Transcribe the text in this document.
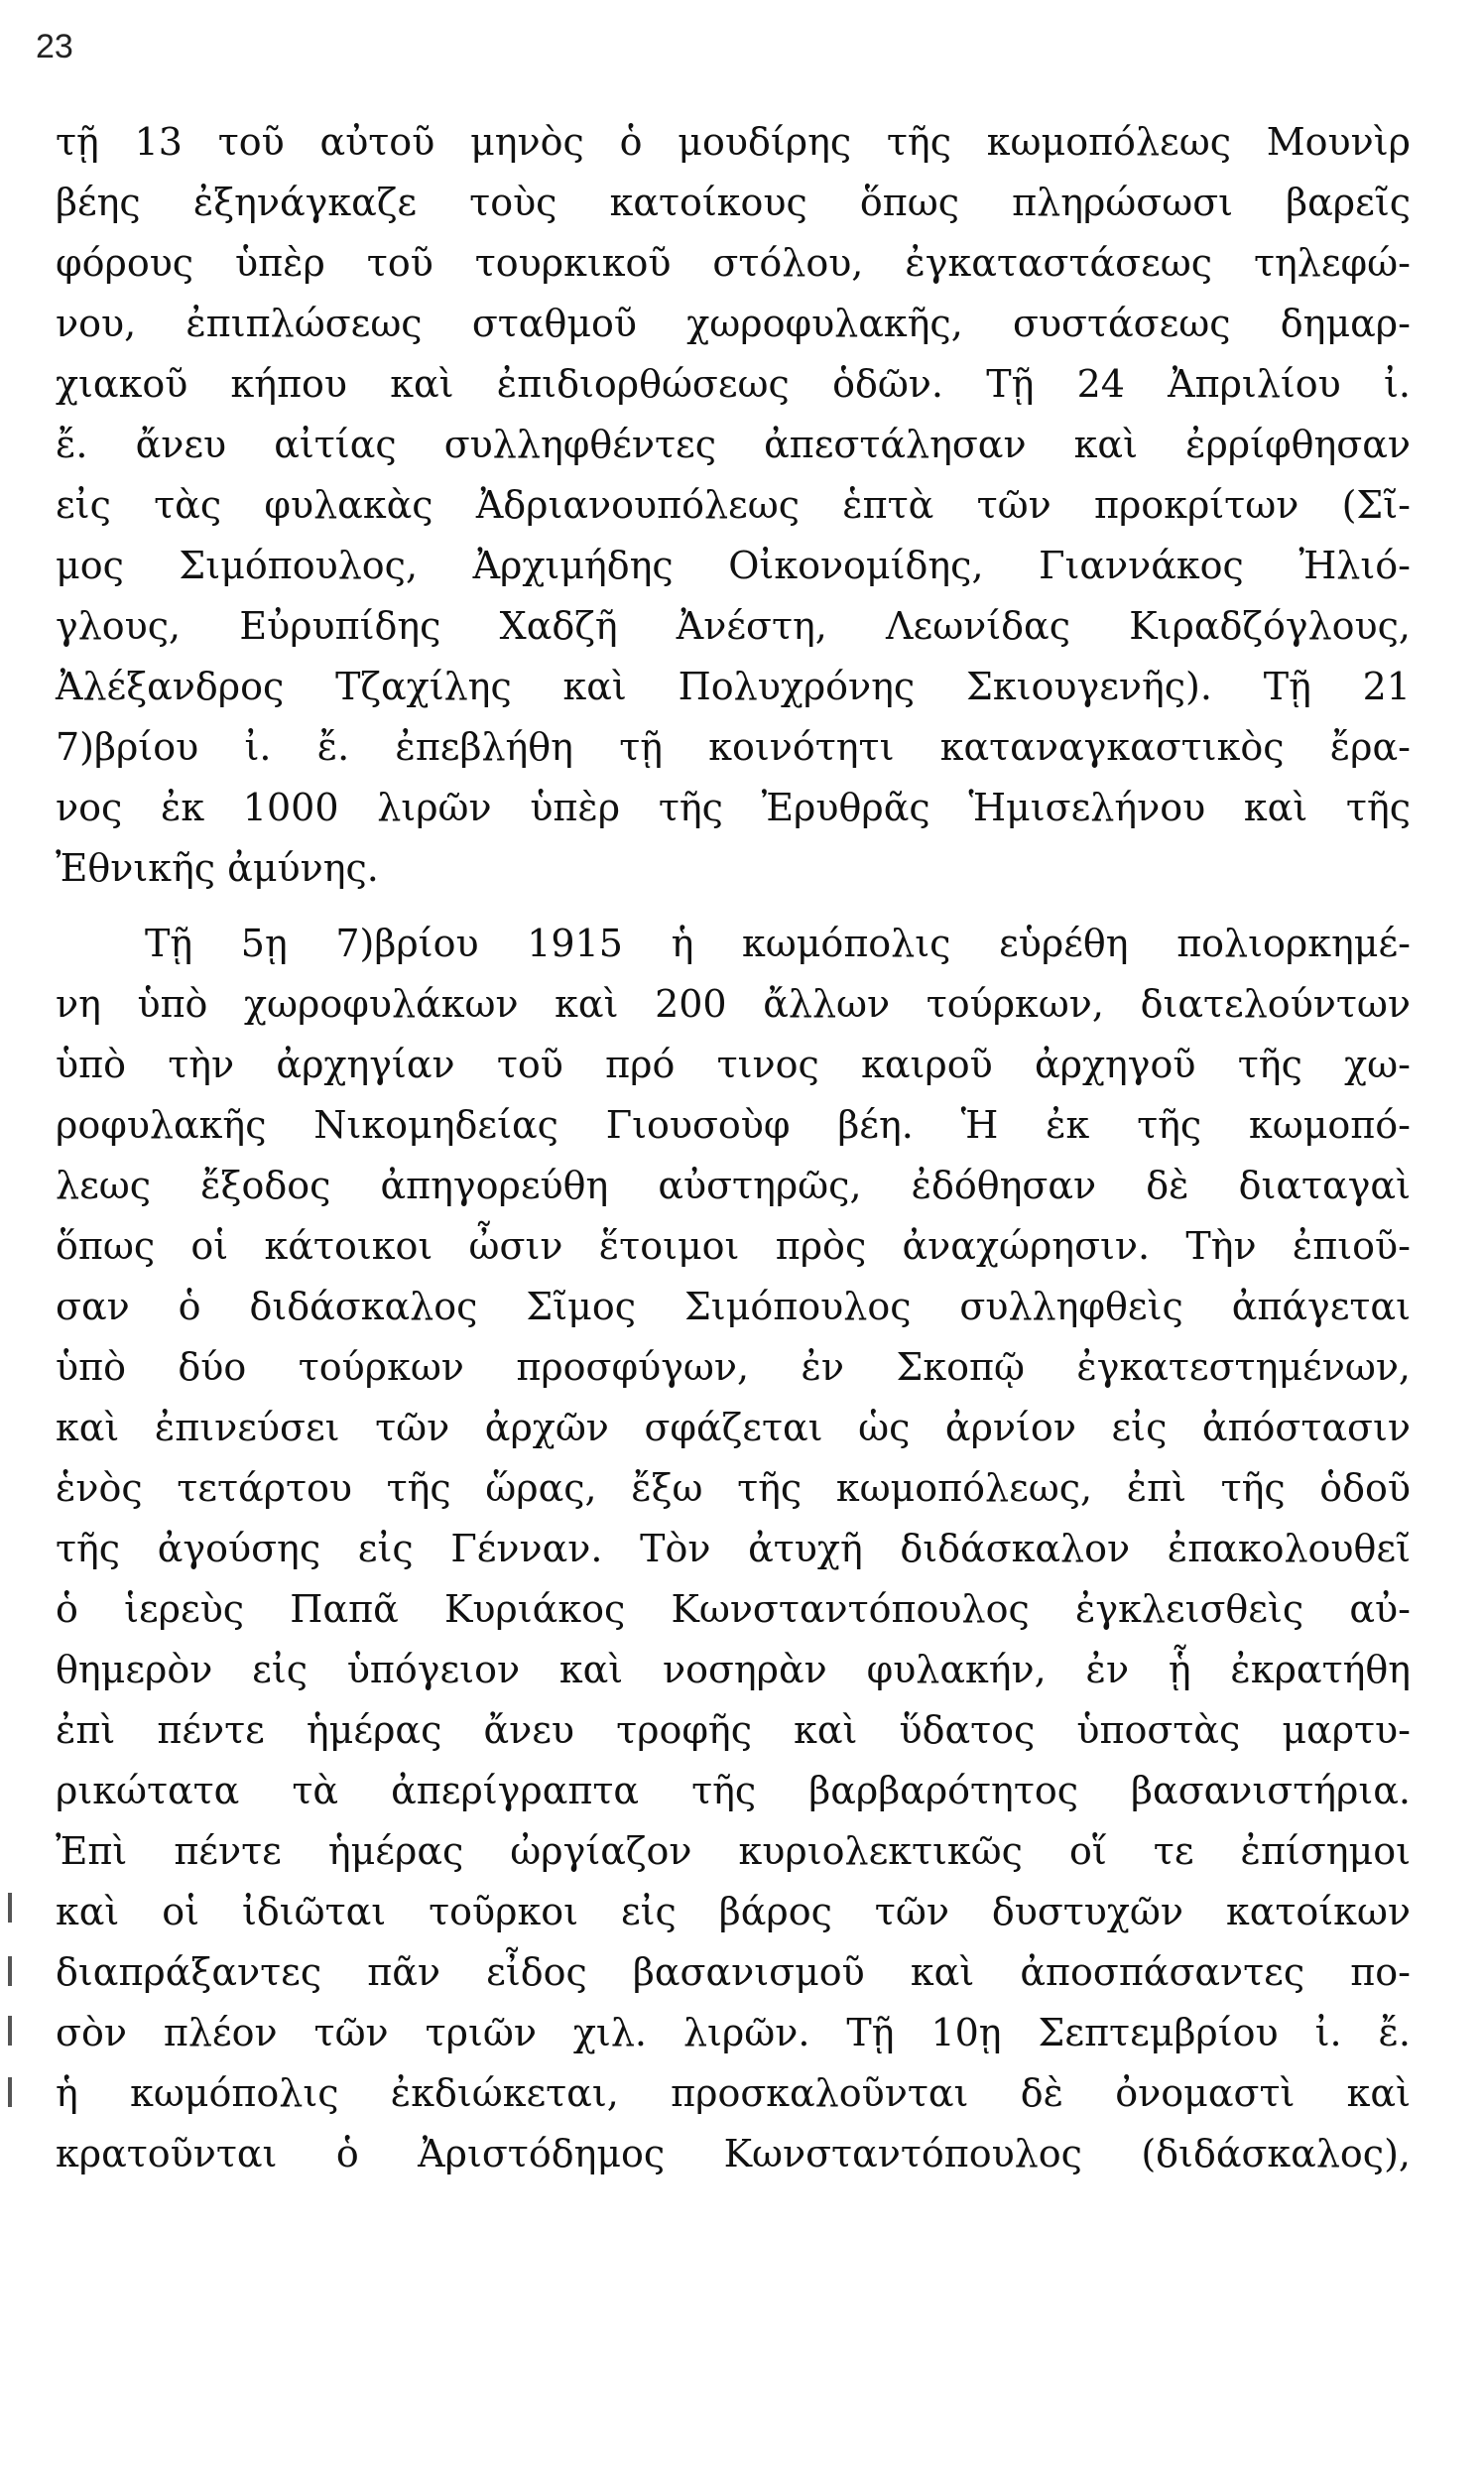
23
τῇ 13 τοῦ αὐτοῦ μηνὸς ὁ μουδίρης τῆς κωμοπόλεως Μουνὶρ
βέης ἐξηνάγκαζε τοὺς κατοίκους ὅπως πληρώσωσι βαρεῖς
φόρους ὑπὲρ τοῦ τουρκικοῦ στόλου, ἐγκαταστάσεως τηλεφώ-
νου, ἐπιπλώσεως σταθμοῦ χωροφυλακῆς, συστάσεως δημαρ-
χιακοῦ κήπου καὶ ἐπιδιορθώσεως ὁδῶν. Τῇ 24 Ἀπριλίου ἰ.
ἔ. ἄνευ αἰτίας συλληφθέντες ἀπεστάλησαν καὶ ἐρρίφθησαν
εἰς τὰς φυλακὰς Ἀδριανουπόλεως ἑπτὰ τῶν προκρίτων (Σῖ-
μος Σιμόπουλος, Ἀρχιμήδης Οἰκονομίδης, Γιαννάκος Ἠλιό-
γλους, Εὐρυπίδης Χαδζῆ Ἀνέστη, Λεωνίδας Κιραδζόγλους,
Ἀλέξανδρος Τζαχίλης καὶ Πολυχρόνης Σκιουγενῆς). Τῇ 21
7)βρίου ἰ. ἔ. ἐπεβλήθη τῇ κοινότητι καταναγκαστικὸς ἔρα-
νος ἐκ 1000 λιρῶν ὑπὲρ τῆς Ἐρυθρᾶς Ἡμισελήνου καὶ τῆς
Ἐθνικῆς ἀμύνης.
Τῇ 5ῃ 7)βρίου 1915 ἡ κωμόπολις εὑρέθη πολιορκημέ-
νη ὑπὸ χωροφυλάκων καὶ 200 ἄλλων τούρκων, διατελούντων
ὑπὸ τὴν ἀρχηγίαν τοῦ πρό τινος καιροῦ ἀρχηγοῦ τῆς χω-
ροφυλακῆς Νικομηδείας Γιουσοὺφ βέη. Ἡ ἐκ τῆς κωμοπό-
λεως ἔξοδος ἀπηγορεύθη αὐστηρῶς, ἐδόθησαν δὲ διαταγαὶ
ὅπως οἱ κάτοικοι ὦσιν ἕτοιμοι πρὸς ἀναχώρησιν. Τὴν ἐπιοῦ-
σαν ὁ διδάσκαλος Σῖμος Σιμόπουλος συλληφθεὶς ἀπάγεται
ὑπὸ δύο τούρκων προσφύγων, ἐν Σκοπῷ ἐγκατεστημένων,
καὶ ἐπινεύσει τῶν ἀρχῶν σφάζεται ὡς ἀρνίον εἰς ἀπόστασιν
ἑνὸς τετάρτου τῆς ὥρας, ἔξω τῆς κωμοπόλεως, ἐπὶ τῆς ὁδοῦ
τῆς ἀγούσης εἰς Γένναν. Τὸν ἀτυχῆ διδάσκαλον ἐπακολουθεῖ
ὁ ἱερεὺς Παπᾶ Κυριάκος Κωνσταντόπουλος ἐγκλεισθεὶς αὐ-
θημερὸν εἰς ὑπόγειον καὶ νοσηρὰν φυλακήν, ἐν ᾗ ἐκρατήθη
ἐπὶ πέντε ἡμέρας ἄνευ τροφῆς καὶ ὕδατος ὑποστὰς μαρτυ-
ρικώτατα τὰ ἀπερίγραπτα τῆς βαρβαρότητος βασανιστήρια.
Ἐπὶ πέντε ἡμέρας ὠργίαζον κυριολεκτικῶς οἵ τε ἐπίσημοι
καὶ οἱ ἰδιῶται τοῦρκοι εἰς βάρος τῶν δυστυχῶν κατοίκων
διαπράξαντες πᾶν εἶδος βασανισμοῦ καὶ ἀποσπάσαντες πο-
σὸν πλέον τῶν τριῶν χιλ. λιρῶν. Τῇ 10ῃ Σεπτεμβρίου ἰ. ἔ.
ἡ κωμόπολις ἐκδιώκεται, προσκαλοῦνται δὲ ὀνομαστὶ καὶ
κρατοῦνται ὁ Ἀριστόδημος Κωνσταντόπουλος (διδάσκαλος),
